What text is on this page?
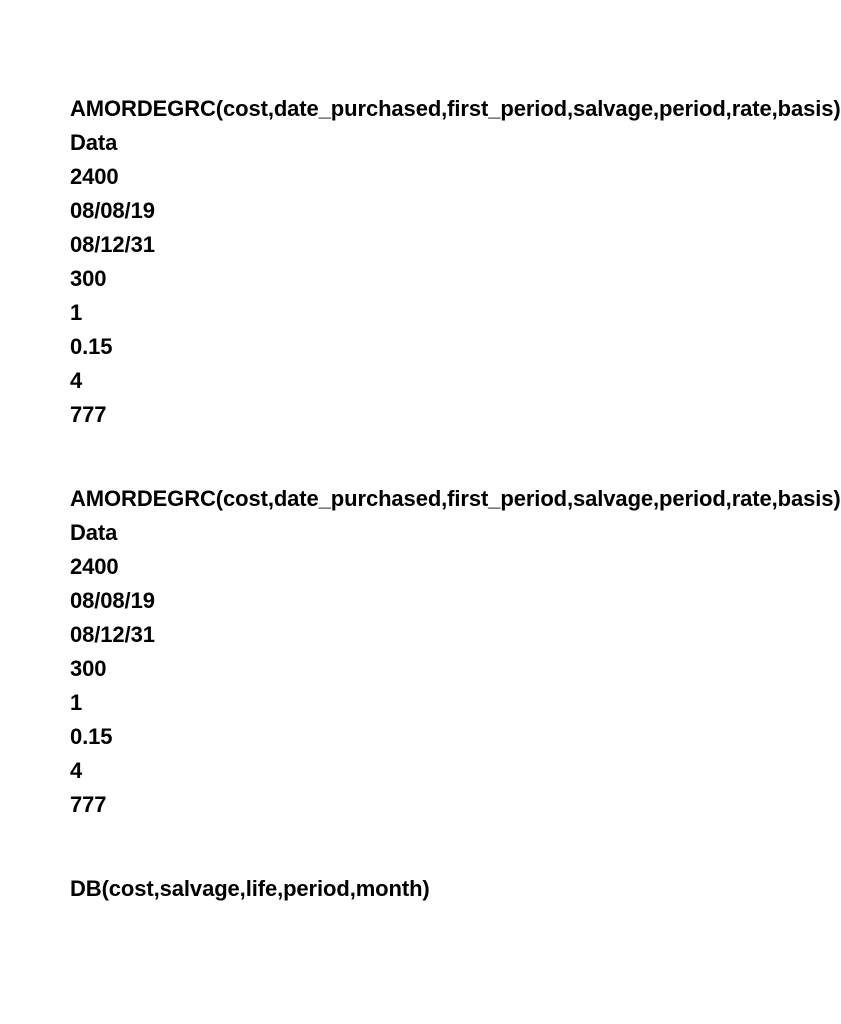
AMORDEGRC(cost,date_purchased,first_period,salvage,period,rate,basis)
Data
2400
08/08/19
08/12/31
300
1
0.15
4
777
AMORDEGRC(cost,date_purchased,first_period,salvage,period,rate,basis)
Data
2400
08/08/19
08/12/31
300
1
0.15
4
777
DB(cost,salvage,life,period,month)
